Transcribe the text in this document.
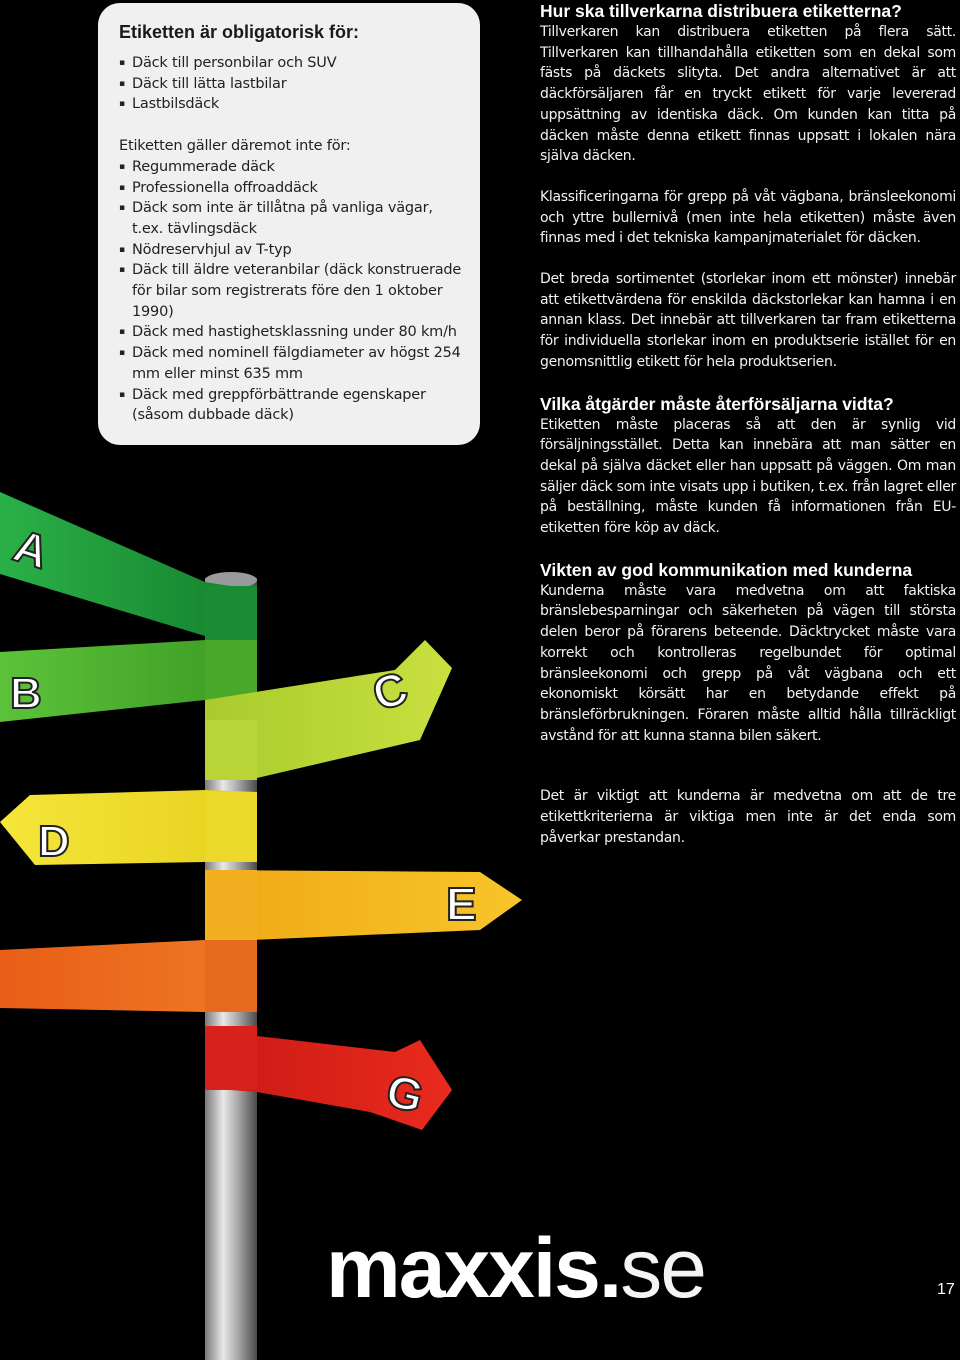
A
B	C
D
E
G
Etiketten är obligatorisk för:
▪ Däck till personbilar och SUV
▪ Däck till lätta lastbilar
▪ Lastbilsdäck

Etiketten gäller däremot inte för:

▪ Regummerade däck
▪ Professionella offroaddäck
▪ Däck som inte är tillåtna på vanliga vägar, t.ex. tävlingsdäck
▪ Nödreservhjul av T-typ
▪ Däck till äldre veteranbilar (däck konstruerade för bilar som registrerats före den 1 oktober 1990)
▪ Däck med hastighetsklassning under 80 km/h
▪ Däck med nominell fälgdiameter av högst 254 mm eller minst 635 mm
▪ Däck med greppförbättrande egenskaper (såsom dubbade däck)
Hur ska tillverkarna distribuera etiketterna?

Tillverkaren kan distribuera etiketten på flera sätt. Tillverkaren kan tillhandahålla etiketten som en dekal som fästs på däckets slityta. Det andra alternativet är att däckförsäljaren får en tryckt etikett för varje levererad uppsättning av identiska däck. Om kunden kan titta på däcken måste denna etikett finnas uppsatt i lokalen nära själva däcken.

Klassificeringarna för grepp på våt vägbana, bränsleekonomi och yttre bullernivå (men inte hela etiketten) måste även finnas med i det tekniska kampanjmaterialet för däcken.

Det breda sortimentet (storlekar inom ett mönster) innebär att etikettvärdena för enskilda däckstorlekar kan hamna i en annan klass. Det innebär att tillverkaren tar fram etiketterna för individuella storlekar inom en produktserie istället för en genomsnittlig etikett för hela produktserien.

Vilka åtgärder måste återförsäljarna vidta?

Etiketten måste placeras så att den är synlig vid försäljningsstället. Detta kan innebära att man sätter en dekal på själva däcket eller han uppsatt på väggen. Om man säljer däck som inte visats upp i butiken, t.ex. från lagret eller på beställning, måste kunden få informationen från EU-etiketten före köp av däck.

Vikten av god kommunikation med kunderna

Kunderna måste vara medvetna om att faktiska bränslebesparningar och säkerheten på vägen till största delen beror på förarens beteende. Däcktrycket måste vara korrekt och kontrolleras regelbundet för optimal bränsleekonomi och grepp på våt vägbana och ett ekonomiskt körsätt har en betydande effekt på bränsleförbrukningen. Föraren måste alltid hålla tillräckligt avstånd för att kunna stanna bilen säkert.

Det är viktigt att kunderna är medvetna om att de tre etikettkriterierna är viktiga men inte är det enda som påverkar prestandan.

maxxis.se	17
